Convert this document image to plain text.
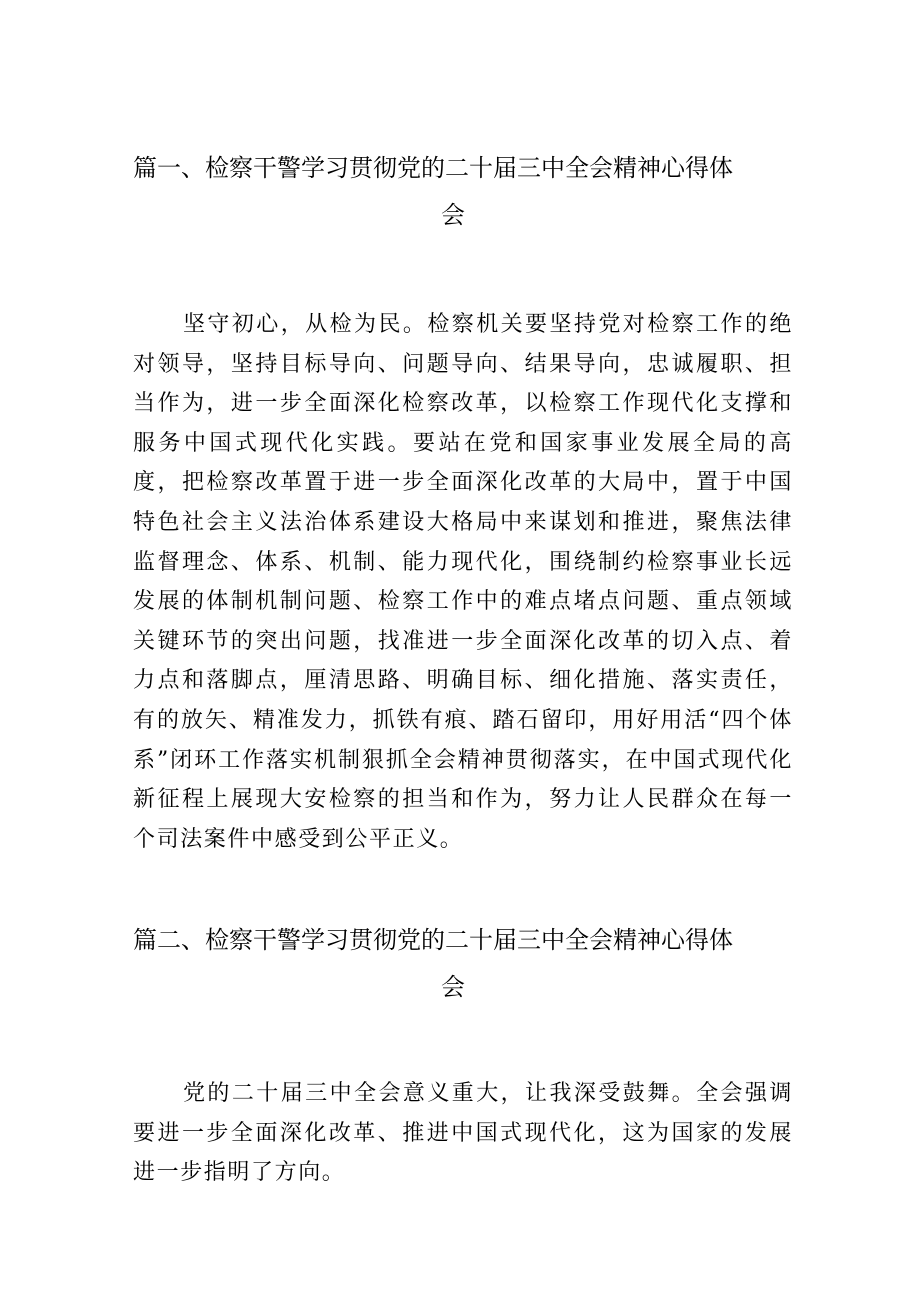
篇一、检察干警学习贯彻党的二十届三中全会精神心得体
会

坚守初心，从检为民。检察机关要坚持党对检察工作的绝对领导，坚持目标导向、问题导向、结果导向，忠诚履职、担当作为，进一步全面深化检察改革，以检察工作现代化支撑和服务中国式现代化实践。要站在党和国家事业发展全局的高度，把检察改革置于进一步全面深化改革的大局中，置于中国特色社会主义法治体系建设大格局中来谋划和推进，聚焦法律监督理念、体系、机制、能力现代化，围绕制约检察事业长远发展的体制机制问题、检察工作中的难点堵点问题、重点领域关键环节的突出问题，找准进一步全面深化改革的切入点、着力点和落脚点，厘清思路、明确目标、细化措施、落实责任，有的放矢、精准发力，抓铁有痕、踏石留印，用好用活“四个体系”闭环工作落实机制狠抓全会精神贯彻落实，在中国式现代化新征程上展现大安检察的担当和作为，努力让人民群众在每一个司法案件中感受到公平正义。

篇二、检察干警学习贯彻党的二十届三中全会精神心得体
会

党的二十届三中全会意义重大，让我深受鼓舞。全会强调要进一步全面深化改革、推进中国式现代化，这为国家的发展进一步指明了方向。
